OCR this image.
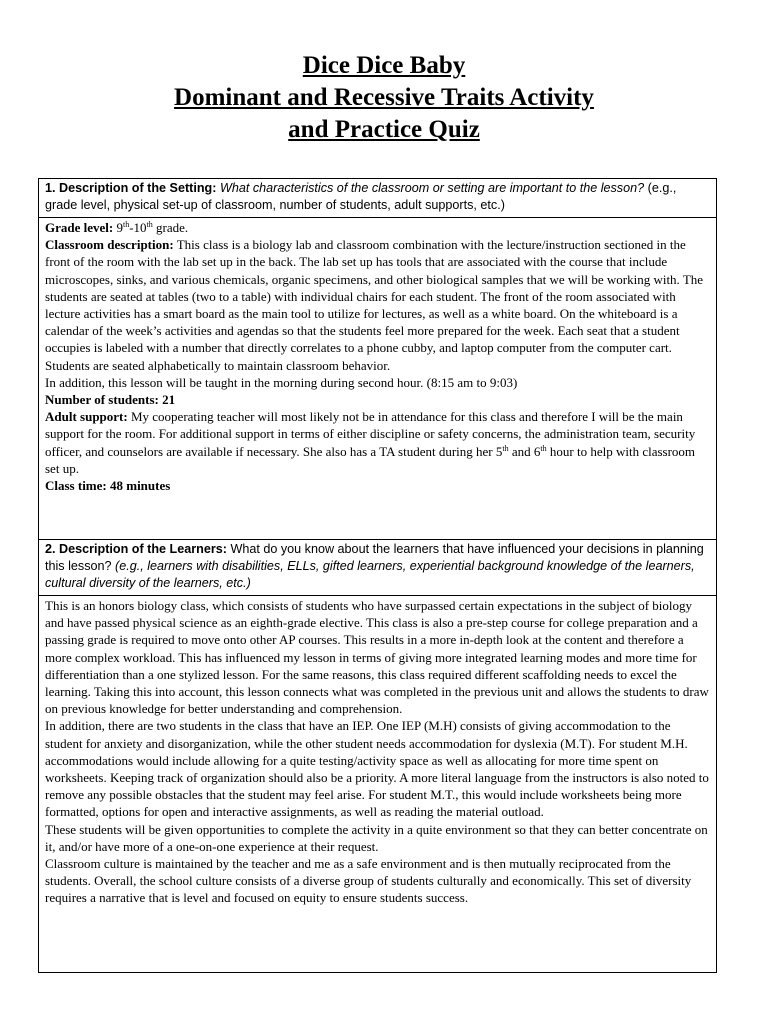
Dice Dice Baby
Dominant and Recessive Traits Activity
and Practice Quiz
1. Description of the Setting: What characteristics of the classroom or setting are important to the lesson? (e.g., grade level, physical set-up of classroom, number of students, adult supports, etc.)

Grade level: 9th-10th grade.

Classroom description: This class is a biology lab and classroom combination with the lecture/instruction sectioned in the front of the room with the lab set up in the back. The lab set up has tools that are associated with the course that include microscopes, sinks, and various chemicals, organic specimens, and other biological samples that we will be working with. The students are seated at tables (two to a table) with individual chairs for each student. The front of the room associated with lecture activities has a smart board as the main tool to utilize for lectures, as well as a white board. On the whiteboard is a calendar of the week’s activities and agendas so that the students feel more prepared for the week. Each seat that a student occupies is labeled with a number that directly correlates to a phone cubby, and laptop computer from the computer cart. Students are seated alphabetically to maintain classroom behavior.

In addition, this lesson will be taught in the morning during second hour. (8:15 am to 9:03)

Number of students: 21

Adult support: My cooperating teacher will most likely not be in attendance for this class and therefore I will be the main support for the room. For additional support in terms of either discipline or safety concerns, the administration team, security officer, and counselors are available if necessary. She also has a TA student during her 5th and 6th hour to help with classroom set up.

Class time: 48 minutes

2. Description of the Learners: What do you know about the learners that have influenced your decisions in planning this lesson? (e.g., learners with disabilities, ELLs, gifted learners, experiential background knowledge of the learners, cultural diversity of the learners, etc.)

This is an honors biology class, which consists of students who have surpassed certain expectations in the subject of biology and have passed physical science as an eighth-grade elective. This class is also a pre-step course for college preparation and a passing grade is required to move onto other AP courses. This results in a more in-depth look at the content and therefore a more complex workload. This has influenced my lesson in terms of giving more integrated learning modes and more time for differentiation than a one stylized lesson. For the same reasons, this class required different scaffolding needs to excel the learning. Taking this into account, this lesson connects what was completed in the previous unit and allows the students to draw on previous knowledge for better understanding and comprehension.

In addition, there are two students in the class that have an IEP. One IEP (M.H) consists of giving accommodation to the student for anxiety and disorganization, while the other student needs accommodation for dyslexia (M.T). For student M.H. accommodations would include allowing for a quite testing/activity space as well as allocating for more time spent on worksheets. Keeping track of organization should also be a priority. A more literal language from the instructors is also noted to remove any possible obstacles that the student may feel arise. For student M.T., this would include worksheets being more formatted, options for open and interactive assignments, as well as reading the material outload.

These students will be given opportunities to complete the activity in a quite environment so that they can better concentrate on it, and/or have more of a one-on-one experience at their request.

Classroom culture is maintained by the teacher and me as a safe environment and is then mutually reciprocated from the students. Overall, the school culture consists of a diverse group of students culturally and economically. This set of diversity requires a narrative that is level and focused on equity to ensure students success.
